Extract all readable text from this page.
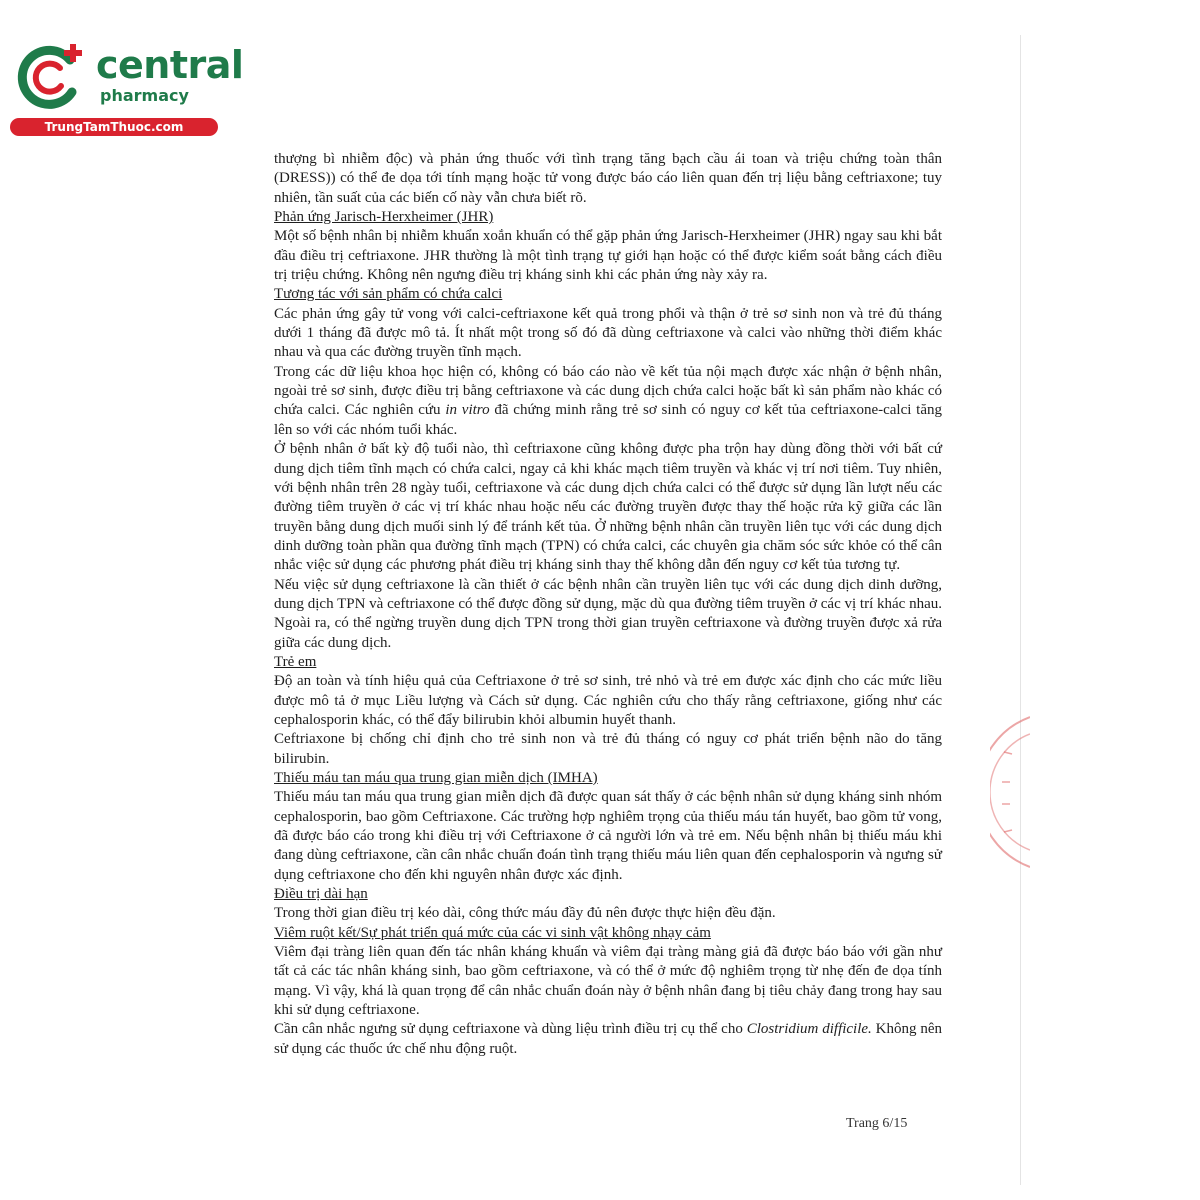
central
pharmacy
TrungTamThuoc.com

thượng bì nhiễm độc) và phản ứng thuốc với tình trạng tăng bạch cầu ái toan và triệu chứng toàn thân (DRESS)) có thể đe dọa tới tính mạng hoặc tử vong được báo cáo liên quan đến trị liệu bằng ceftriaxone; tuy nhiên, tần suất của các biến cố này vẫn chưa biết rõ.

Phản ứng Jarisch-Herxheimer (JHR)

Một số bệnh nhân bị nhiễm khuẩn xoắn khuẩn có thể gặp phản ứng Jarisch-Herxheimer (JHR) ngay sau khi bắt đầu điều trị ceftriaxone. JHR thường là một tình trạng tự giới hạn hoặc có thể được kiểm soát bằng cách điều trị triệu chứng. Không nên ngưng điều trị kháng sinh khi các phản ứng này xảy ra.

Tương tác với sản phẩm có chứa calci

Các phản ứng gây tử vong với calci-ceftriaxone kết quả trong phổi và thận ở trẻ sơ sinh non và trẻ đủ tháng dưới 1 tháng đã được mô tả. Ít nhất một trong số đó đã dùng ceftriaxone và calci vào những thời điểm khác nhau và qua các đường truyền tĩnh mạch.

Trong các dữ liệu khoa học hiện có, không có báo cáo nào về kết tủa nội mạch được xác nhận ở bệnh nhân, ngoài trẻ sơ sinh, được điều trị bằng ceftriaxone và các dung dịch chứa calci hoặc bất kì sản phẩm nào khác có chứa calci. Các nghiên cứu in vitro đã chứng minh rằng trẻ sơ sinh có nguy cơ kết tủa ceftriaxone-calci tăng lên so với các nhóm tuổi khác.

Ở bệnh nhân ở bất kỳ độ tuổi nào, thì ceftriaxone cũng không được pha trộn hay dùng đồng thời với bất cứ dung dịch tiêm tĩnh mạch có chứa calci, ngay cả khi khác mạch tiêm truyền và khác vị trí nơi tiêm. Tuy nhiên, với bệnh nhân trên 28 ngày tuổi, ceftriaxone và các dung dịch chứa calci có thể được sử dụng lần lượt nếu các đường tiêm truyền ở các vị trí khác nhau hoặc nếu các đường truyền được thay thế hoặc rửa kỹ giữa các lần truyền bằng dung dịch muối sinh lý để tránh kết tủa. Ở những bệnh nhân cần truyền liên tục với các dung dịch dinh dưỡng toàn phần qua đường tĩnh mạch (TPN) có chứa calci, các chuyên gia chăm sóc sức khỏe có thể cân nhắc việc sử dụng các phương phát điều trị kháng sinh thay thế không dẫn đến nguy cơ kết tủa tương tự.

Nếu việc sử dụng ceftriaxone là cần thiết ở các bệnh nhân cần truyền liên tục với các dung dịch dinh dưỡng, dung dịch TPN và ceftriaxone có thể được đồng sử dụng, mặc dù qua đường tiêm truyền ở các vị trí khác nhau. Ngoài ra, có thể ngừng truyền dung dịch TPN trong thời gian truyền ceftriaxone và đường truyền được xả rửa giữa các dung dịch.

Trẻ em

Độ an toàn và tính hiệu quả của Ceftriaxone ở trẻ sơ sinh, trẻ nhỏ và trẻ em được xác định cho các mức liều được mô tả ở mục Liều lượng và Cách sử dụng. Các nghiên cứu cho thấy rằng ceftriaxone, giống như các cephalosporin khác, có thể đẩy bilirubin khỏi albumin huyết thanh.

Ceftriaxone bị chống chỉ định cho trẻ sinh non và trẻ đủ tháng có nguy cơ phát triển bệnh não do tăng bilirubin.

Thiếu máu tan máu qua trung gian miễn dịch (IMHA)

Thiếu máu tan máu qua trung gian miễn dịch đã được quan sát thấy ở các bệnh nhân sử dụng kháng sinh nhóm cephalosporin, bao gồm Ceftriaxone. Các trường hợp nghiêm trọng của thiếu máu tán huyết, bao gồm tử vong, đã được báo cáo trong khi điều trị với Ceftriaxone ở cả người lớn và trẻ em. Nếu bệnh nhân bị thiếu máu khi đang dùng ceftriaxone, cần cân nhắc chuẩn đoán tình trạng thiếu máu liên quan đến cephalosporin và ngưng sử dụng ceftriaxone cho đến khi nguyên nhân được xác định.

Điều trị dài hạn

Trong thời gian điều trị kéo dài, công thức máu đầy đủ nên được thực hiện đều đặn.

Viêm ruột kết/Sự phát triển quá mức của các vi sinh vật không nhạy cảm

Viêm đại tràng liên quan đến tác nhân kháng khuẩn và viêm đại tràng màng giả đã được báo báo với gần như tất cả các tác nhân kháng sinh, bao gồm ceftriaxone, và có thể ở mức độ nghiêm trọng từ nhẹ đến đe dọa tính mạng. Vì vậy, khá là quan trọng để cân nhắc chuẩn đoán này ở bệnh nhân đang bị tiêu chảy đang trong hay sau khi sử dụng ceftriaxone.

Cần cân nhắc ngưng sử dụng ceftriaxone và dùng liệu trình điều trị cụ thể cho Clostridium difficile. Không nên sử dụng các thuốc ức chế nhu động ruột.

Trang 6/15
